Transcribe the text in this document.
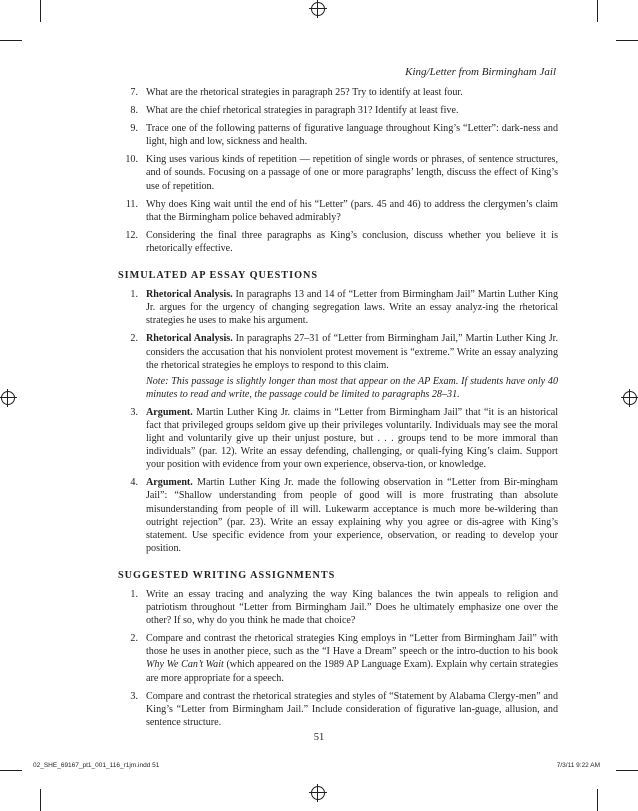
King/Letter from Birmingham Jail
7. What are the rhetorical strategies in paragraph 25? Try to identify at least four.
8. What are the chief rhetorical strategies in paragraph 31? Identify at least five.
9. Trace one of the following patterns of figurative language throughout King’s “Letter”: dark-ness and light, high and low, sickness and health.
10. King uses various kinds of repetition — repetition of single words or phrases, of sentence structures, and of sounds. Focusing on a passage of one or more paragraphs’ length, discuss the effect of King’s use of repetition.
11. Why does King wait until the end of his “Letter” (pars. 45 and 46) to address the clergymen’s claim that the Birmingham police behaved admirably?
12. Considering the final three paragraphs as King’s conclusion, discuss whether you believe it is rhetorically effective.
SIMULATED AP ESSAY QUESTIONS
1. Rhetorical Analysis. In paragraphs 13 and 14 of “Letter from Birmingham Jail” Martin Luther King Jr. argues for the urgency of changing segregation laws. Write an essay analyz-ing the rhetorical strategies he uses to make his argument.
2. Rhetorical Analysis. In paragraphs 27–31 of “Letter from Birmingham Jail,” Martin Luther King Jr. considers the accusation that his nonviolent protest movement is “extreme.” Write an essay analyzing the rhetorical strategies he employs to respond to this claim.
Note: This passage is slightly longer than most that appear on the AP Exam. If students have only 40 minutes to read and write, the passage could be limited to paragraphs 28–31.
3. Argument. Martin Luther King Jr. claims in “Letter from Birmingham Jail” that “it is an historical fact that privileged groups seldom give up their privileges voluntarily. Individuals may see the moral light and voluntarily give up their unjust posture, but . . . groups tend to be more immoral than individuals” (par. 12). Write an essay defending, challenging, or quali-fying King’s claim. Support your position with evidence from your own experience, observa-tion, or knowledge.
4. Argument. Martin Luther King Jr. made the following observation in “Letter from Bir-mingham Jail”: “Shallow understanding from people of good will is more frustrating than absolute misunderstanding from people of ill will. Lukewarm acceptance is much more be-wildering than outright rejection” (par. 23). Write an essay explaining why you agree or dis-agree with King’s statement. Use specific evidence from your experience, observation, or reading to develop your position.
SUGGESTED WRITING ASSIGNMENTS
1. Write an essay tracing and analyzing the way King balances the twin appeals to religion and patriotism throughout “Letter from Birmingham Jail.” Does he ultimately emphasize one over the other? If so, why do you think he made that choice?
2. Compare and contrast the rhetorical strategies King employs in “Letter from Birmingham Jail” with those he uses in another piece, such as the “I Have a Dream” speech or the intro-duction to his book Why We Can’t Wait (which appeared on the 1989 AP Language Exam). Explain why certain strategies are more appropriate for a speech.
3. Compare and contrast the rhetorical strategies and styles of “Statement by Alabama Clergy-men” and King’s “Letter from Birmingham Jail.” Include consideration of figurative lan-guage, allusion, and sentence structure.
51
02_SHE_69167_pt1_001_116_r1jm.indd 51	7/3/11 9:22 AM
